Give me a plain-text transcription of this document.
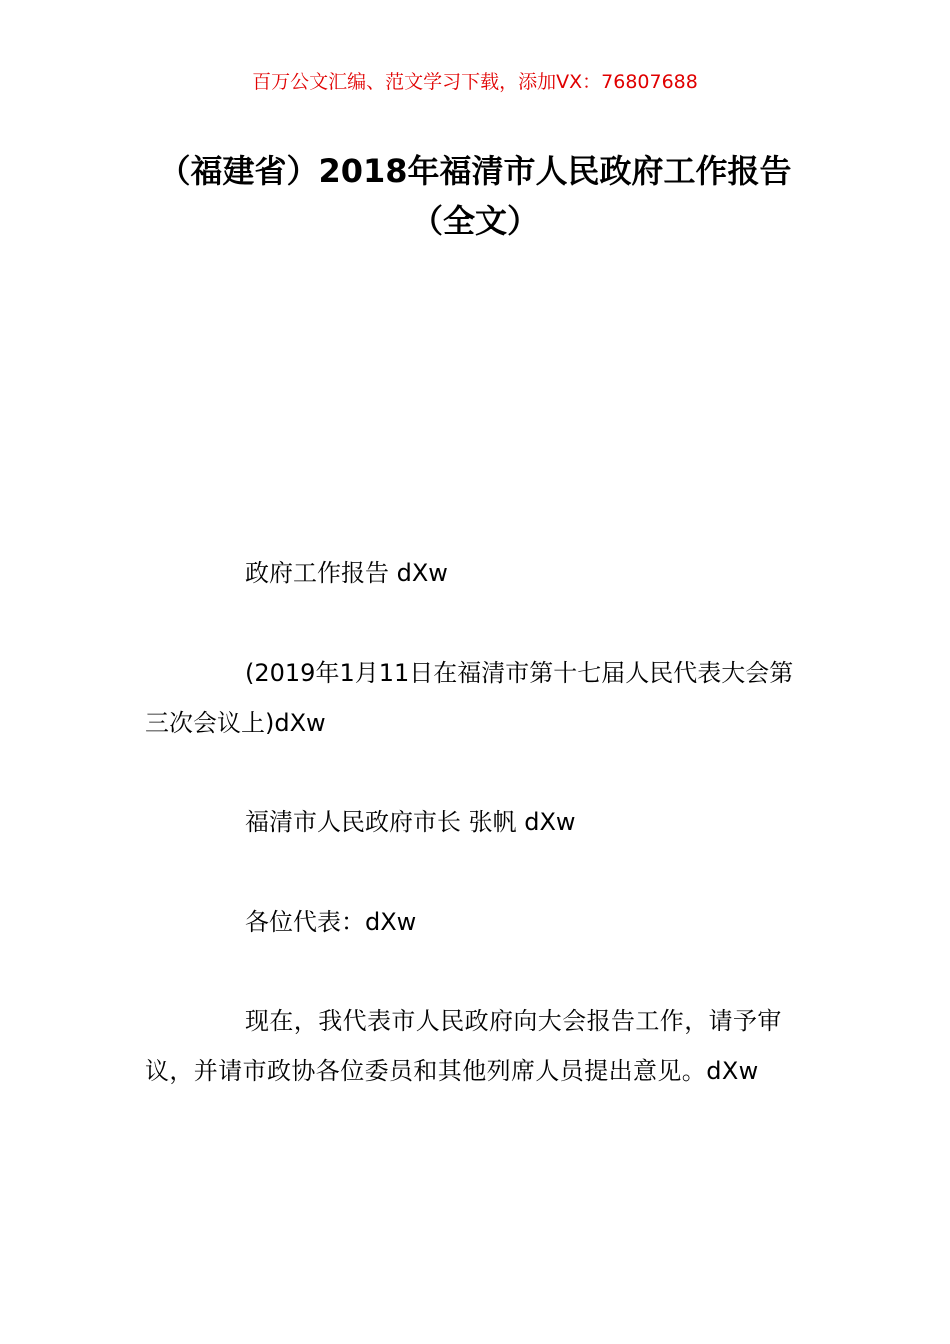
百万公文汇编、范文学习下载，添加VX：76807688
（福建省）2018年福清市人民政府工作报告（全文）

政府工作报告 dXw

(2019年1月11日在福清市第十七届人民代表大会第三次会议上)dXw

福清市人民政府市长 张帆 dXw

各位代表：dXw

现在，我代表市人民政府向大会报告工作，请予审议，并请市政协各位委员和其他列席人员提出意见。dXw
